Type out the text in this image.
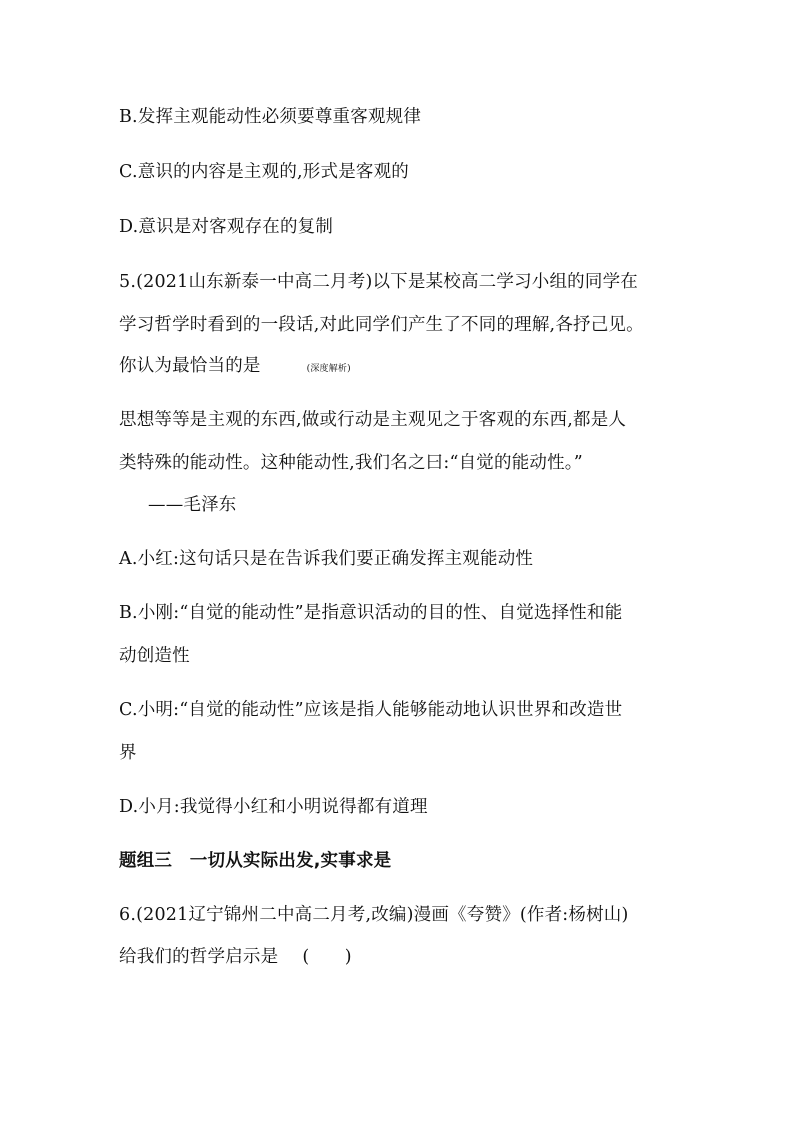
B.发挥主观能动性必须要尊重客观规律
C.意识的内容是主观的,形式是客观的
D.意识是对客观存在的复制
5.(2021山东新泰一中高二月考)以下是某校高二学习小组的同学在
学习哲学时看到的一段话,对此同学们产生了不同的理解,各抒己见。
你认为最恰当的是	(深度解析)
思想等等是主观的东西,做或行动是主观见之于客观的东西,都是人
类特殊的能动性。这种能动性,我们名之曰:“自觉的能动性。”
——毛泽东
A.小红:这句话只是在告诉我们要正确发挥主观能动性
B.小刚:“自觉的能动性”是指意识活动的目的性、自觉选择性和能
动创造性
C.小明:“自觉的能动性”应该是指人能够能动地认识世界和改造世
界
D.小月:我觉得小红和小明说得都有道理
题组三　一切从实际出发,实事求是
6.(2021辽宁锦州二中高二月考,改编)漫画《夸赞》(作者:杨树山)
给我们的哲学启示是 (　　)
